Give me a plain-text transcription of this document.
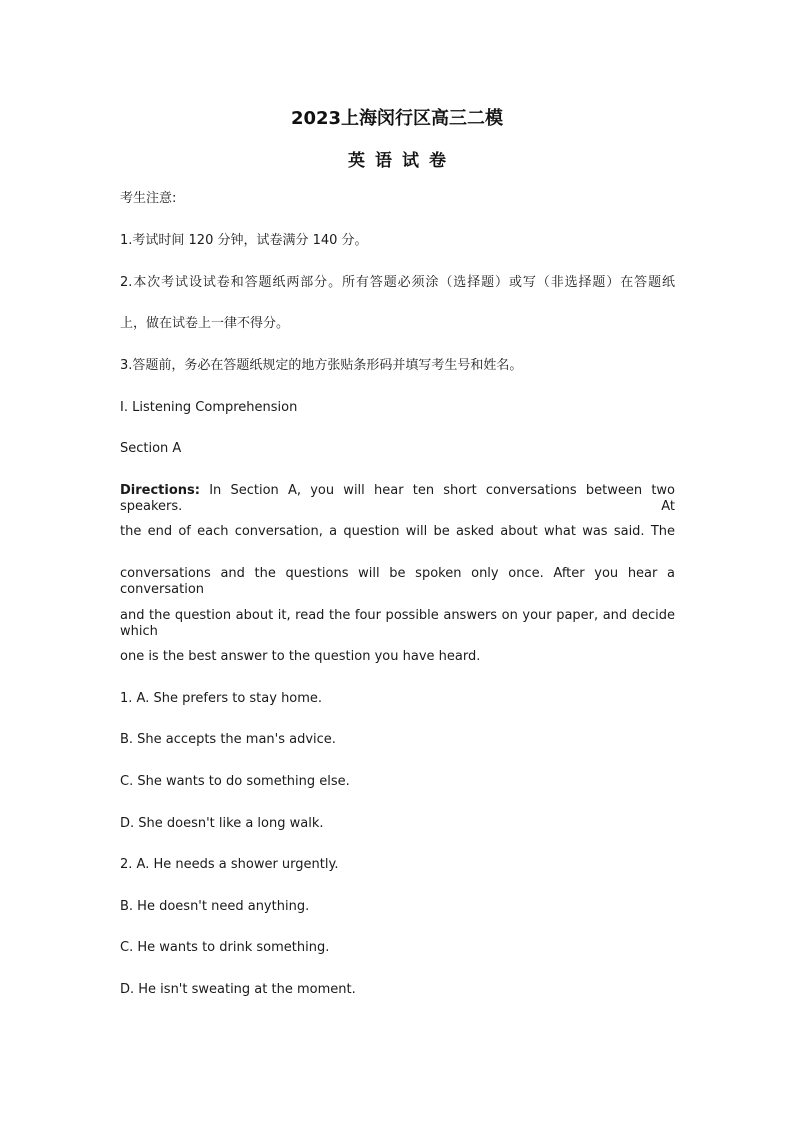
2023上海闵行区高三二模
英语试卷
考生注意:
1.考试时间 120 分钟，试卷满分 140 分。
2.本次考试设试卷和答题纸两部分。所有答题必须涂（选择题）或写（非选择题）在答题纸
上，做在试卷上一律不得分。
3.答题前，务必在答题纸规定的地方张贴条形码并填写考生号和姓名。
I. Listening Comprehension
Section A
Directions: In Section A, you will hear ten short conversations between two speakers. At
the end of each conversation, a question will be asked about what was said. The
conversations and the questions will be spoken only once. After you hear a conversation
and the question about it, read the four possible answers on your paper, and decide which
one is the best answer to the question you have heard.
1. A. She prefers to stay home.
B. She accepts the man's advice.
C. She wants to do something else.
D. She doesn't like a long walk.
2. A. He needs a shower urgently.
B. He doesn't need anything.
C. He wants to drink something.
D. He isn't sweating at the moment.
